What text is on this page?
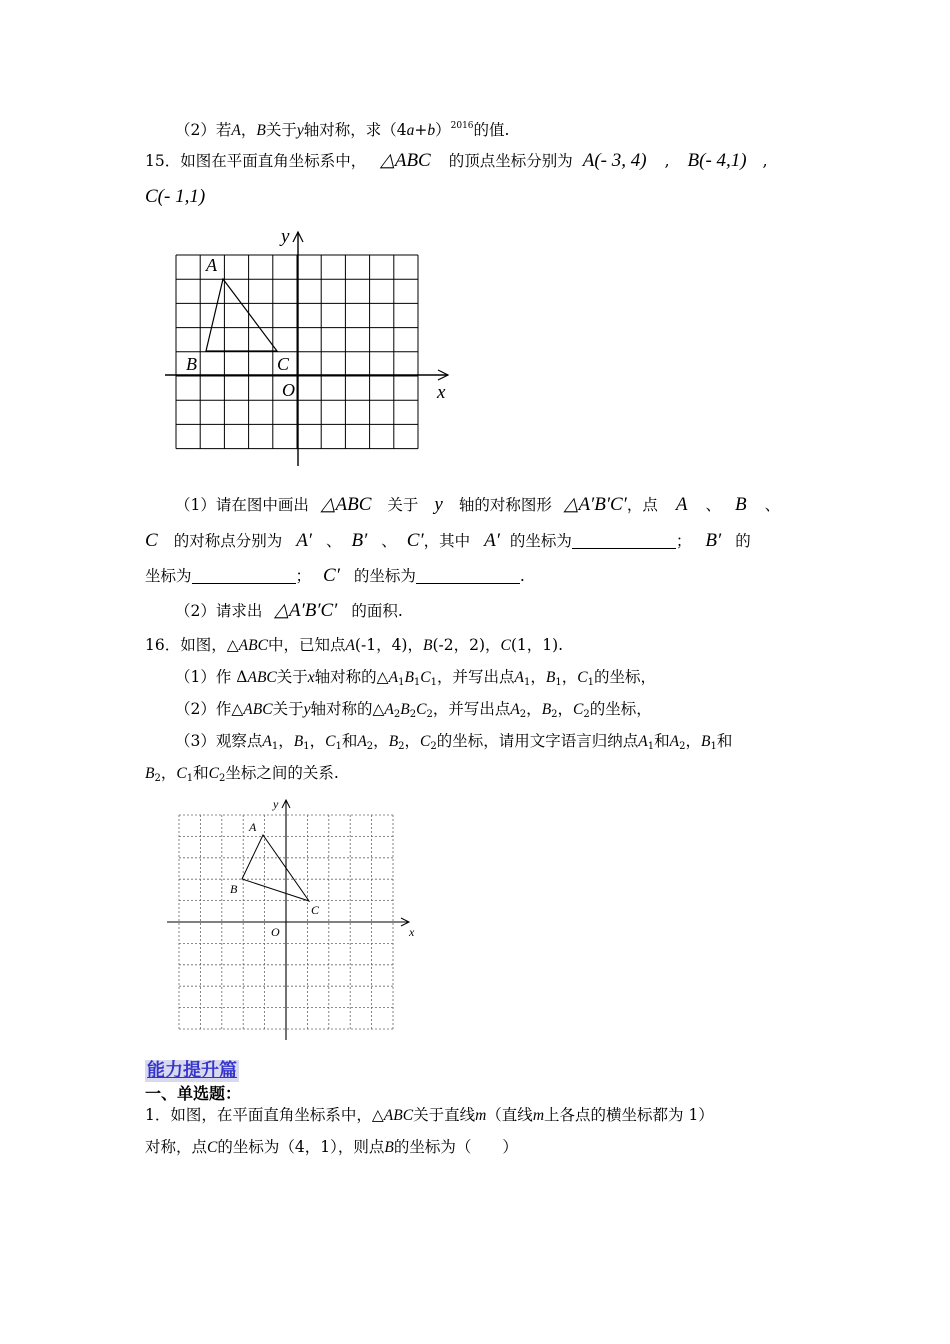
（2）若A，B关于y轴对称，求$(4a+b)^{2016}$的值.
15．如图在平面直角坐标系中， △ABC 的顶点坐标分别为 A(- 3, 4) , B(- 4,1) ,
C(- 1,1)
y
x
A
B	C
O
（1）请在图中画出 △ABC 关于 y 轴的对称图形 △A′B′C′，点 A 、 B 、
C 的对称点分别为 A′ 、 B′ 、 C′，其中 A′ 的坐标为	； B′ 的
坐标为	； C′ 的坐标为	.
（2）请求出 △A′B′C′ 的面积.
16．如图，△ABC中，已知点A(-1，4)，B(-2，2)，C(1，1).
（1）作 ΔABC关于x轴对称的$\triangle A_1B_1C_1$，并写出点$A_1$，$B_1$，$C_1$的坐标，
（2）作△ABC关于y轴对称的$\triangle A_2B_2C_2$，并写出点$A_2$，$B_2$，$C_2$的坐标，
（3）观察点$A_1$，$B_1$，$C_1$和$A_2$，$B_2$，$C_2$的坐标，请用文字语言归纳点$A_1$和$A_2$，$B_1$和
$B_2$，$C_1$和$C_2$坐标之间的关系.
y
x
A
B
C
O
能力提升篇
一、单选题：
1．如图，在平面直角坐标系中，△ABC关于直线m（直线m上各点的横坐标都为 1）
对称，点C的坐标为（4，1），则点B的坐标为（　　）
